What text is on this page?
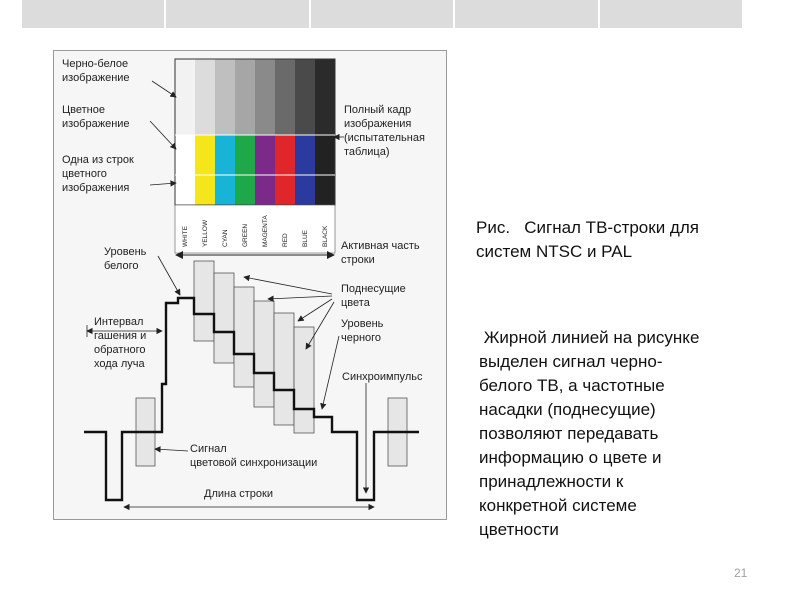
WHITE YELLOW CYAN GREEN MAGENTA RED BLUE BLACK
Черно-белое изображение
Цветное изображение
Одна из строк цветного изображения
Уровень белого
Интервал гашения и обратного хода луча
Полный кадр изображения (испытательная таблица)
Активная часть строки
Поднесущие цвета
Уровень черного
Синхроимпульс
Сигнал цветовой синхронизации
Длина строки
Рис.   Сигнал ТВ-строки для
систем NTSC и PAL
Жирной линией на рисунке
выделен сигнал черно-
белого ТВ, а частотные
насадки (поднесущие)
позволяют передавать
информацию о цвете и
принадлежности к
конкретной системе
цветности
21
